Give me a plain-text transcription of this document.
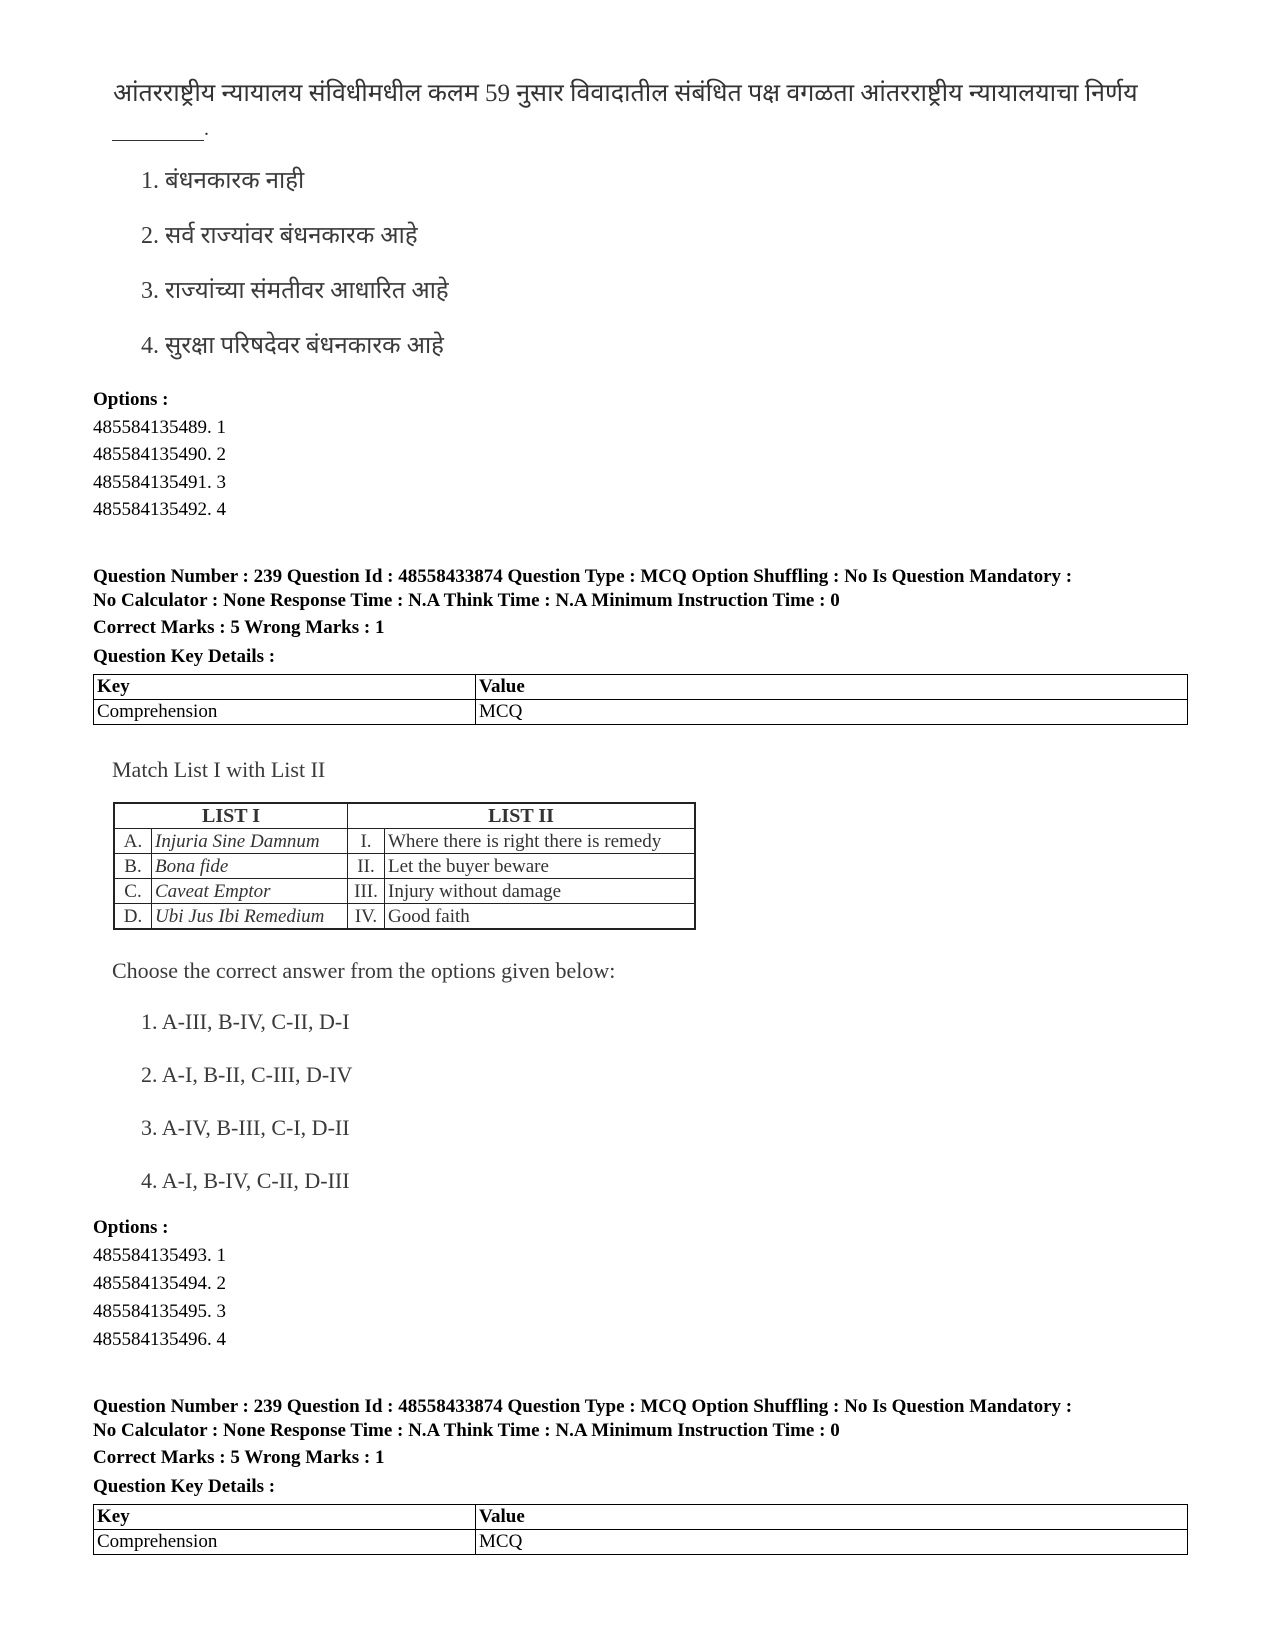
आंतरराष्ट्रीय न्यायालय संविधीमधील कलम 59 नुसार विवादातील संबंधित पक्ष वगळता आंतरराष्ट्रीय न्यायालयाचा निर्णय
.
1. बंधनकारक नाही
2. सर्व राज्यांवर बंधनकारक आहे
3. राज्यांच्या संमतीवर आधारित आहे
4. सुरक्षा परिषदेवर बंधनकारक आहे
Options :
485584135489. 1
485584135490. 2
485584135491. 3
485584135492. 4
Question Number : 239 Question Id : 48558433874 Question Type : MCQ Option Shuffling : No Is Question Mandatory :
No Calculator : None Response Time : N.A Think Time : N.A Minimum Instruction Time : 0
Correct Marks : 5 Wrong Marks : 1
Question Key Details :
Key	Value
Comprehension	MCQ
Match List I with List II
LIST I		LIST II	
A.	Injuria Sine Damnum	I.	Where there is right there is remedy
B.	Bona fide	II.	Let the buyer beware
C.	Caveat Emptor	III.	Injury without damage
D.	Ubi Jus Ibi Remedium	IV.	Good faith
Choose the correct answer from the options given below:
1. A-III, B-IV, C-II, D-I
2. A-I, B-II, C-III, D-IV
3. A-IV, B-III, C-I, D-II
4. A-I, B-IV, C-II, D-III
Options :
485584135493. 1
485584135494. 2
485584135495. 3
485584135496. 4
Question Number : 239 Question Id : 48558433874 Question Type : MCQ Option Shuffling : No Is Question Mandatory :
No Calculator : None Response Time : N.A Think Time : N.A Minimum Instruction Time : 0
Correct Marks : 5 Wrong Marks : 1
Question Key Details :
Key	Value
Comprehension	MCQ
